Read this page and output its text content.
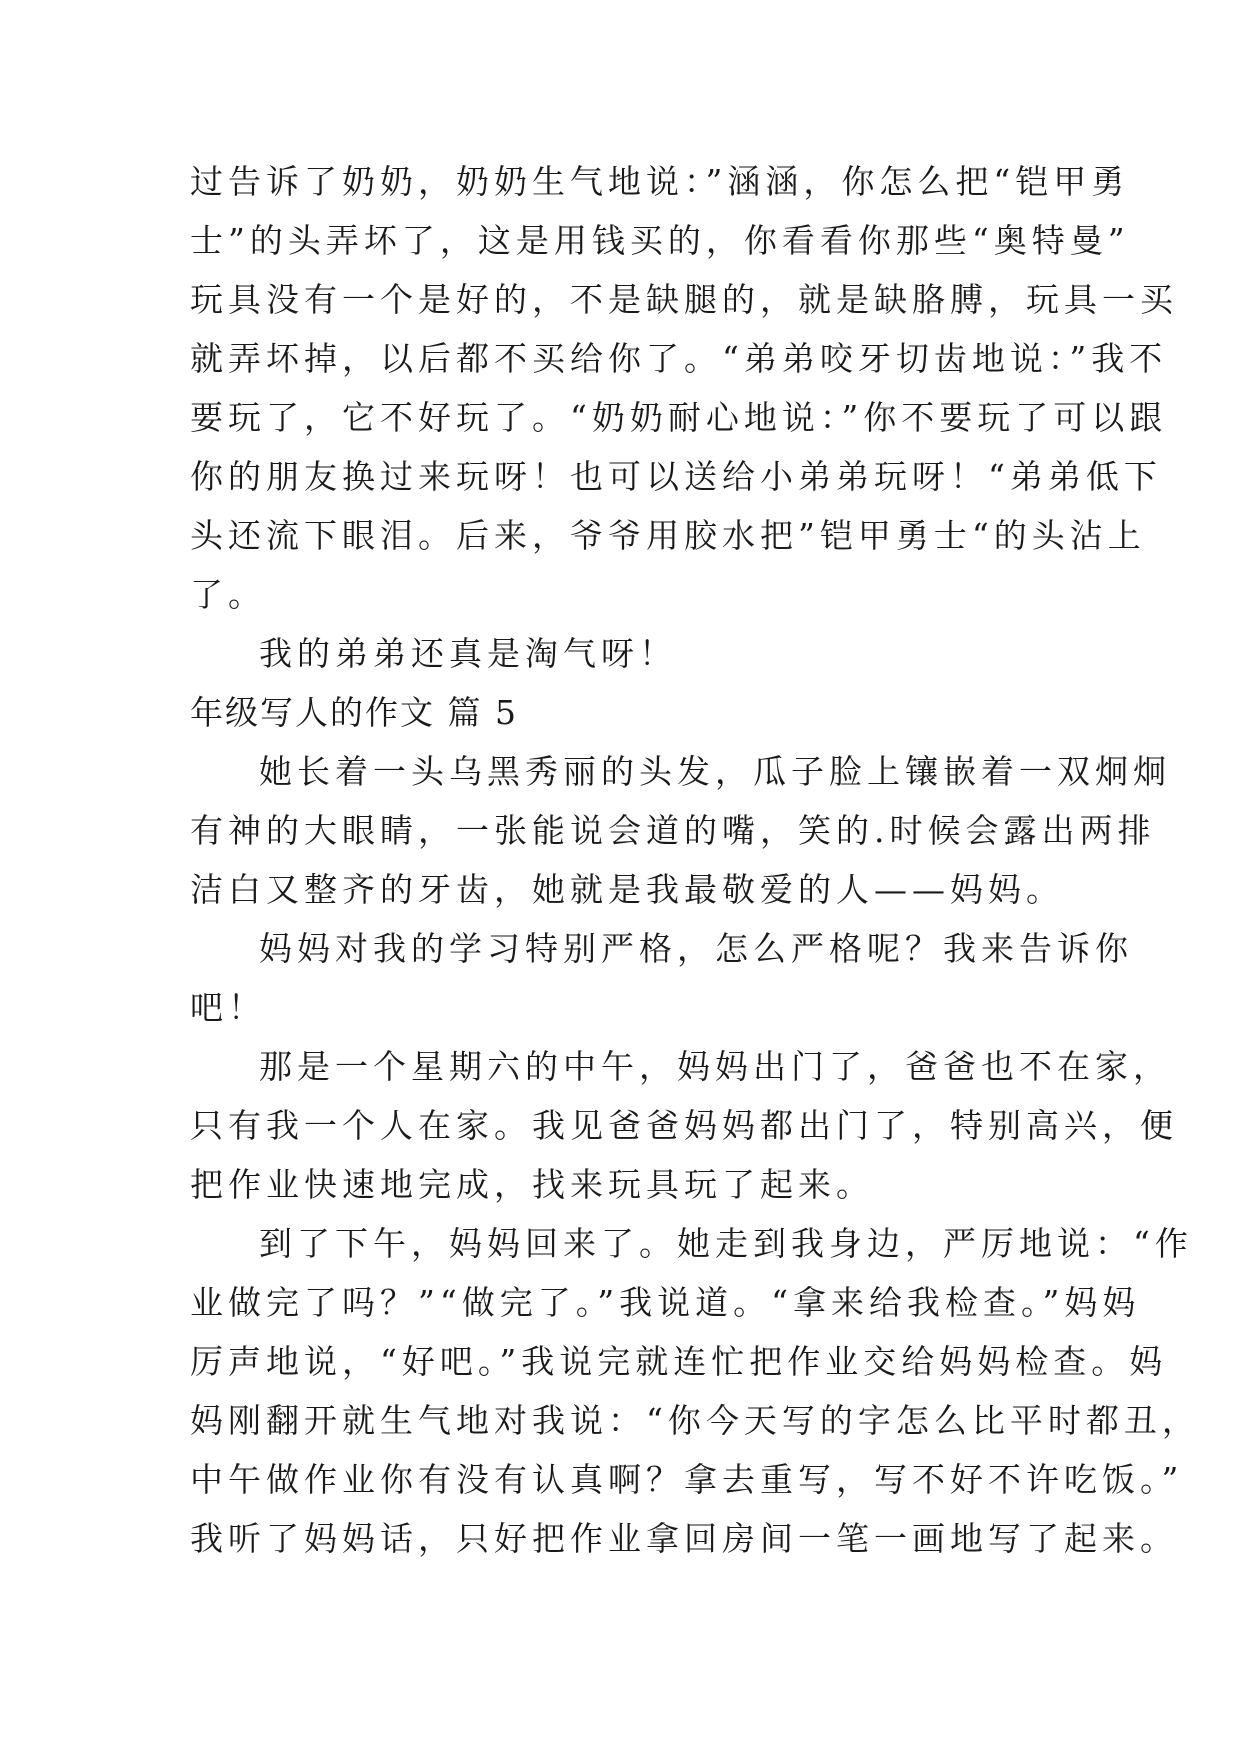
过告诉了奶奶，奶奶生气地说：”涵涵，你怎么把“铠甲勇
士”的头弄坏了，这是用钱买的，你看看你那些“奥特曼”
玩具没有一个是好的，不是缺腿的，就是缺胳膊，玩具一买
就弄坏掉，以后都不买给你了。“弟弟咬牙切齿地说：”我不
要玩了，它不好玩了。“奶奶耐心地说：”你不要玩了可以跟
你的朋友换过来玩呀！也可以送给小弟弟玩呀！“弟弟低下
头还流下眼泪。后来，爷爷用胶水把”铠甲勇士“的头沾上
了。
我的弟弟还真是淘气呀！
年级写人的作文 篇 5
她长着一头乌黑秀丽的头发，瓜子脸上镶嵌着一双炯炯
有神的大眼睛，一张能说会道的嘴，笑的.时候会露出两排
洁白又整齐的牙齿，她就是我最敬爱的人——妈妈。
妈妈对我的学习特别严格，怎么严格呢？我来告诉你
吧！
那是一个星期六的中午，妈妈出门了，爸爸也不在家，
只有我一个人在家。我见爸爸妈妈都出门了，特别高兴，便
把作业快速地完成，找来玩具玩了起来。
到了下午，妈妈回来了。她走到我身边，严厉地说：“作
业做完了吗？”“做完了。”我说道。“拿来给我检查。”妈妈
厉声地说，“好吧。”我说完就连忙把作业交给妈妈检查。妈
妈刚翻开就生气地对我说：“你今天写的字怎么比平时都丑，
中午做作业你有没有认真啊？拿去重写，写不好不许吃饭。”
我听了妈妈话，只好把作业拿回房间一笔一画地写了起来。
